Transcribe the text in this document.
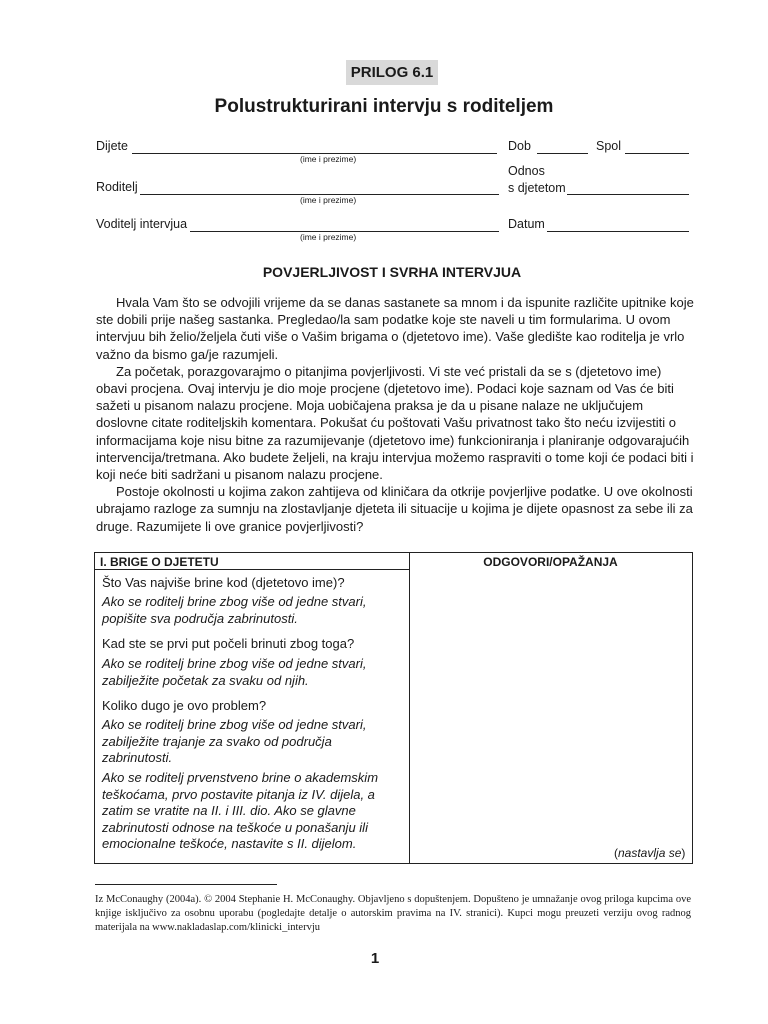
PRILOG 6.1
Polustrukturirani intervju s roditeljem
Dijete
(ime i prezime)
Dob	Spol
Odnos
s djetetom
Roditelj
(ime i prezime)
Voditelj intervjua
(ime i prezime)
Datum
POVJERLJIVOST I SVRHA INTERVJUA

Hvala Vam što se odvojili vrijeme da se danas sastanete sa mnom i da ispunite različite upitnike koje ste dobili prije našeg sastanka. Pregledao/la sam podatke koje ste naveli u tim formularima. U ovom intervjuu bih želio/željela čuti više o Vašim brigama o (djetetovo ime). Vaše gledište kao roditelja je vrlo važno da bismo ga/je razumjeli.

Za početak, porazgovarajmo o pitanjima povjerljivosti. Vi ste već pristali da se s (djetetovo ime) obavi procjena. Ovaj intervju je dio moje procjene (djetetovo ime). Podaci koje saznam od Vas će biti sažeti u pisanom nalazu procjene. Moja uobičajena praksa je da u pisane nalaze ne uključujem doslovne citate roditeljskih komentara. Pokušat ću poštovati Vašu privatnost tako što neću izvijestiti o informacijama koje nisu bitne za razumijevanje (djetetovo ime) funkcioniranja i planiranje odgovarajućih intervencija/tretmana. Ako budete željeli, na kraju intervjua možemo raspraviti o tome koji će podaci biti i koji neće biti sadržani u pisanom nalazu procjene.

Postoje okolnosti u kojima zakon zahtijeva od kliničara da otkrije povjerljive podatke. U ove okolnosti ubrajamo razloge za sumnju na zlostavljanje djeteta ili situacije u kojima je dijete opasnost za sebe ili za druge. Razumijete li ove granice povjerljivosti?

I. BRIGE O DJETETU	ODGOVORI/OPAŽANJA
Što Vas najviše brine kod (djetetovo ime)?
Ako se roditelj brine zbog više od jedne stvari, popišite sva područja zabrinutosti.
Kad ste se prvi put počeli brinuti zbog toga?
Ako se roditelj brine zbog više od jedne stvari, zabilježite početak za svaku od njih.
Koliko dugo je ovo problem?
Ako se roditelj brine zbog više od jedne stvari, zabilježite trajanje za svako od područja zabrinutosti.
Ako se roditelj prvenstveno brine o akademskim teškoćama, prvo postavite pitanja iz IV. dijela, a zatim se vratite na II. i III. dio. Ako se glavne zabrinutosti odnose na teškoće u ponašanju ili emocionalne teškoće, nastavite s II. dijelom.
(nastavlja se)
Iz McConaughy (2004a). © 2004 Stephanie H. McConaughy. Objavljeno s dopuštenjem. Dopušteno je umnažanje ovog priloga kupcima ove knjige isključivo za osobnu uporabu (pogledajte detalje o autorskim pravima na IV. stranici). Kupci mogu preuzeti verziju ovog radnog materijala na www.nakladaslap.com/klinicki_intervju
1
